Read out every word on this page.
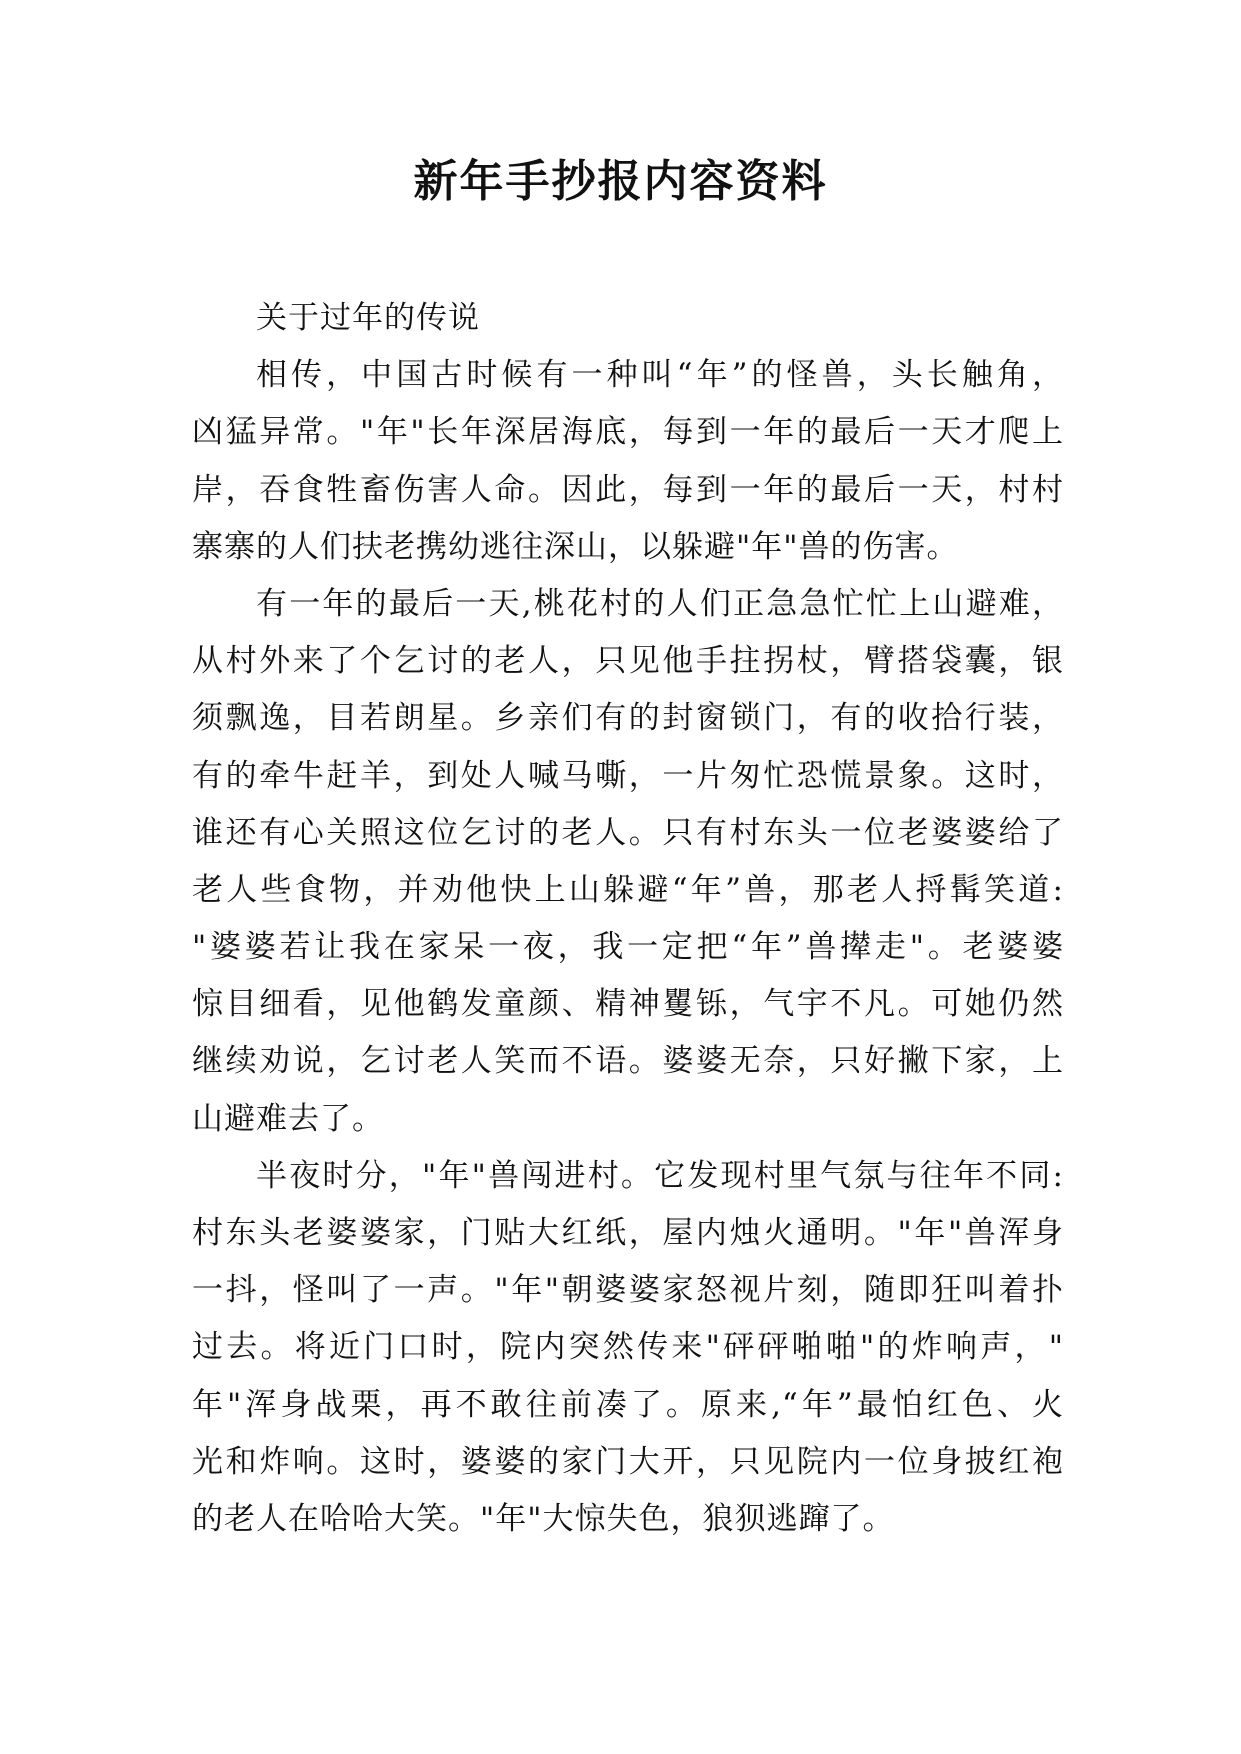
新年手抄报内容资料
关于过年的传说
相传，中国古时候有一种叫“年”的怪兽，头长触角，
凶猛异常。"年"长年深居海底，每到一年的最后一天才爬上
岸，吞食牲畜伤害人命。因此，每到一年的最后一天，村村
寨寨的人们扶老携幼逃往深山，以躲避"年"兽的伤害。
有一年的最后一天,桃花村的人们正急急忙忙上山避难，
从村外来了个乞讨的老人，只见他手拄拐杖，臂搭袋囊，银
须飘逸，目若朗星。乡亲们有的封窗锁门，有的收拾行装，
有的牵牛赶羊，到处人喊马嘶，一片匆忙恐慌景象。这时，
谁还有心关照这位乞讨的老人。只有村东头一位老婆婆给了
老人些食物，并劝他快上山躲避“年”兽，那老人捋髯笑道:
"婆婆若让我在家呆一夜，我一定把“年”兽撵走"。老婆婆
惊目细看，见他鹤发童颜、精神矍铄，气宇不凡。可她仍然
继续劝说，乞讨老人笑而不语。婆婆无奈，只好撇下家，上
山避难去了。
半夜时分，"年"兽闯进村。它发现村里气氛与往年不同:
村东头老婆婆家，门贴大红纸，屋内烛火通明。"年"兽浑身
一抖，怪叫了一声。"年"朝婆婆家怒视片刻，随即狂叫着扑
过去。将近门口时，院内突然传来"砰砰啪啪"的炸响声，"
年"浑身战栗，再不敢往前凑了。原来,“年”最怕红色、火
光和炸响。这时，婆婆的家门大开，只见院内一位身披红袍
的老人在哈哈大笑。"年"大惊失色，狼狈逃蹿了。
